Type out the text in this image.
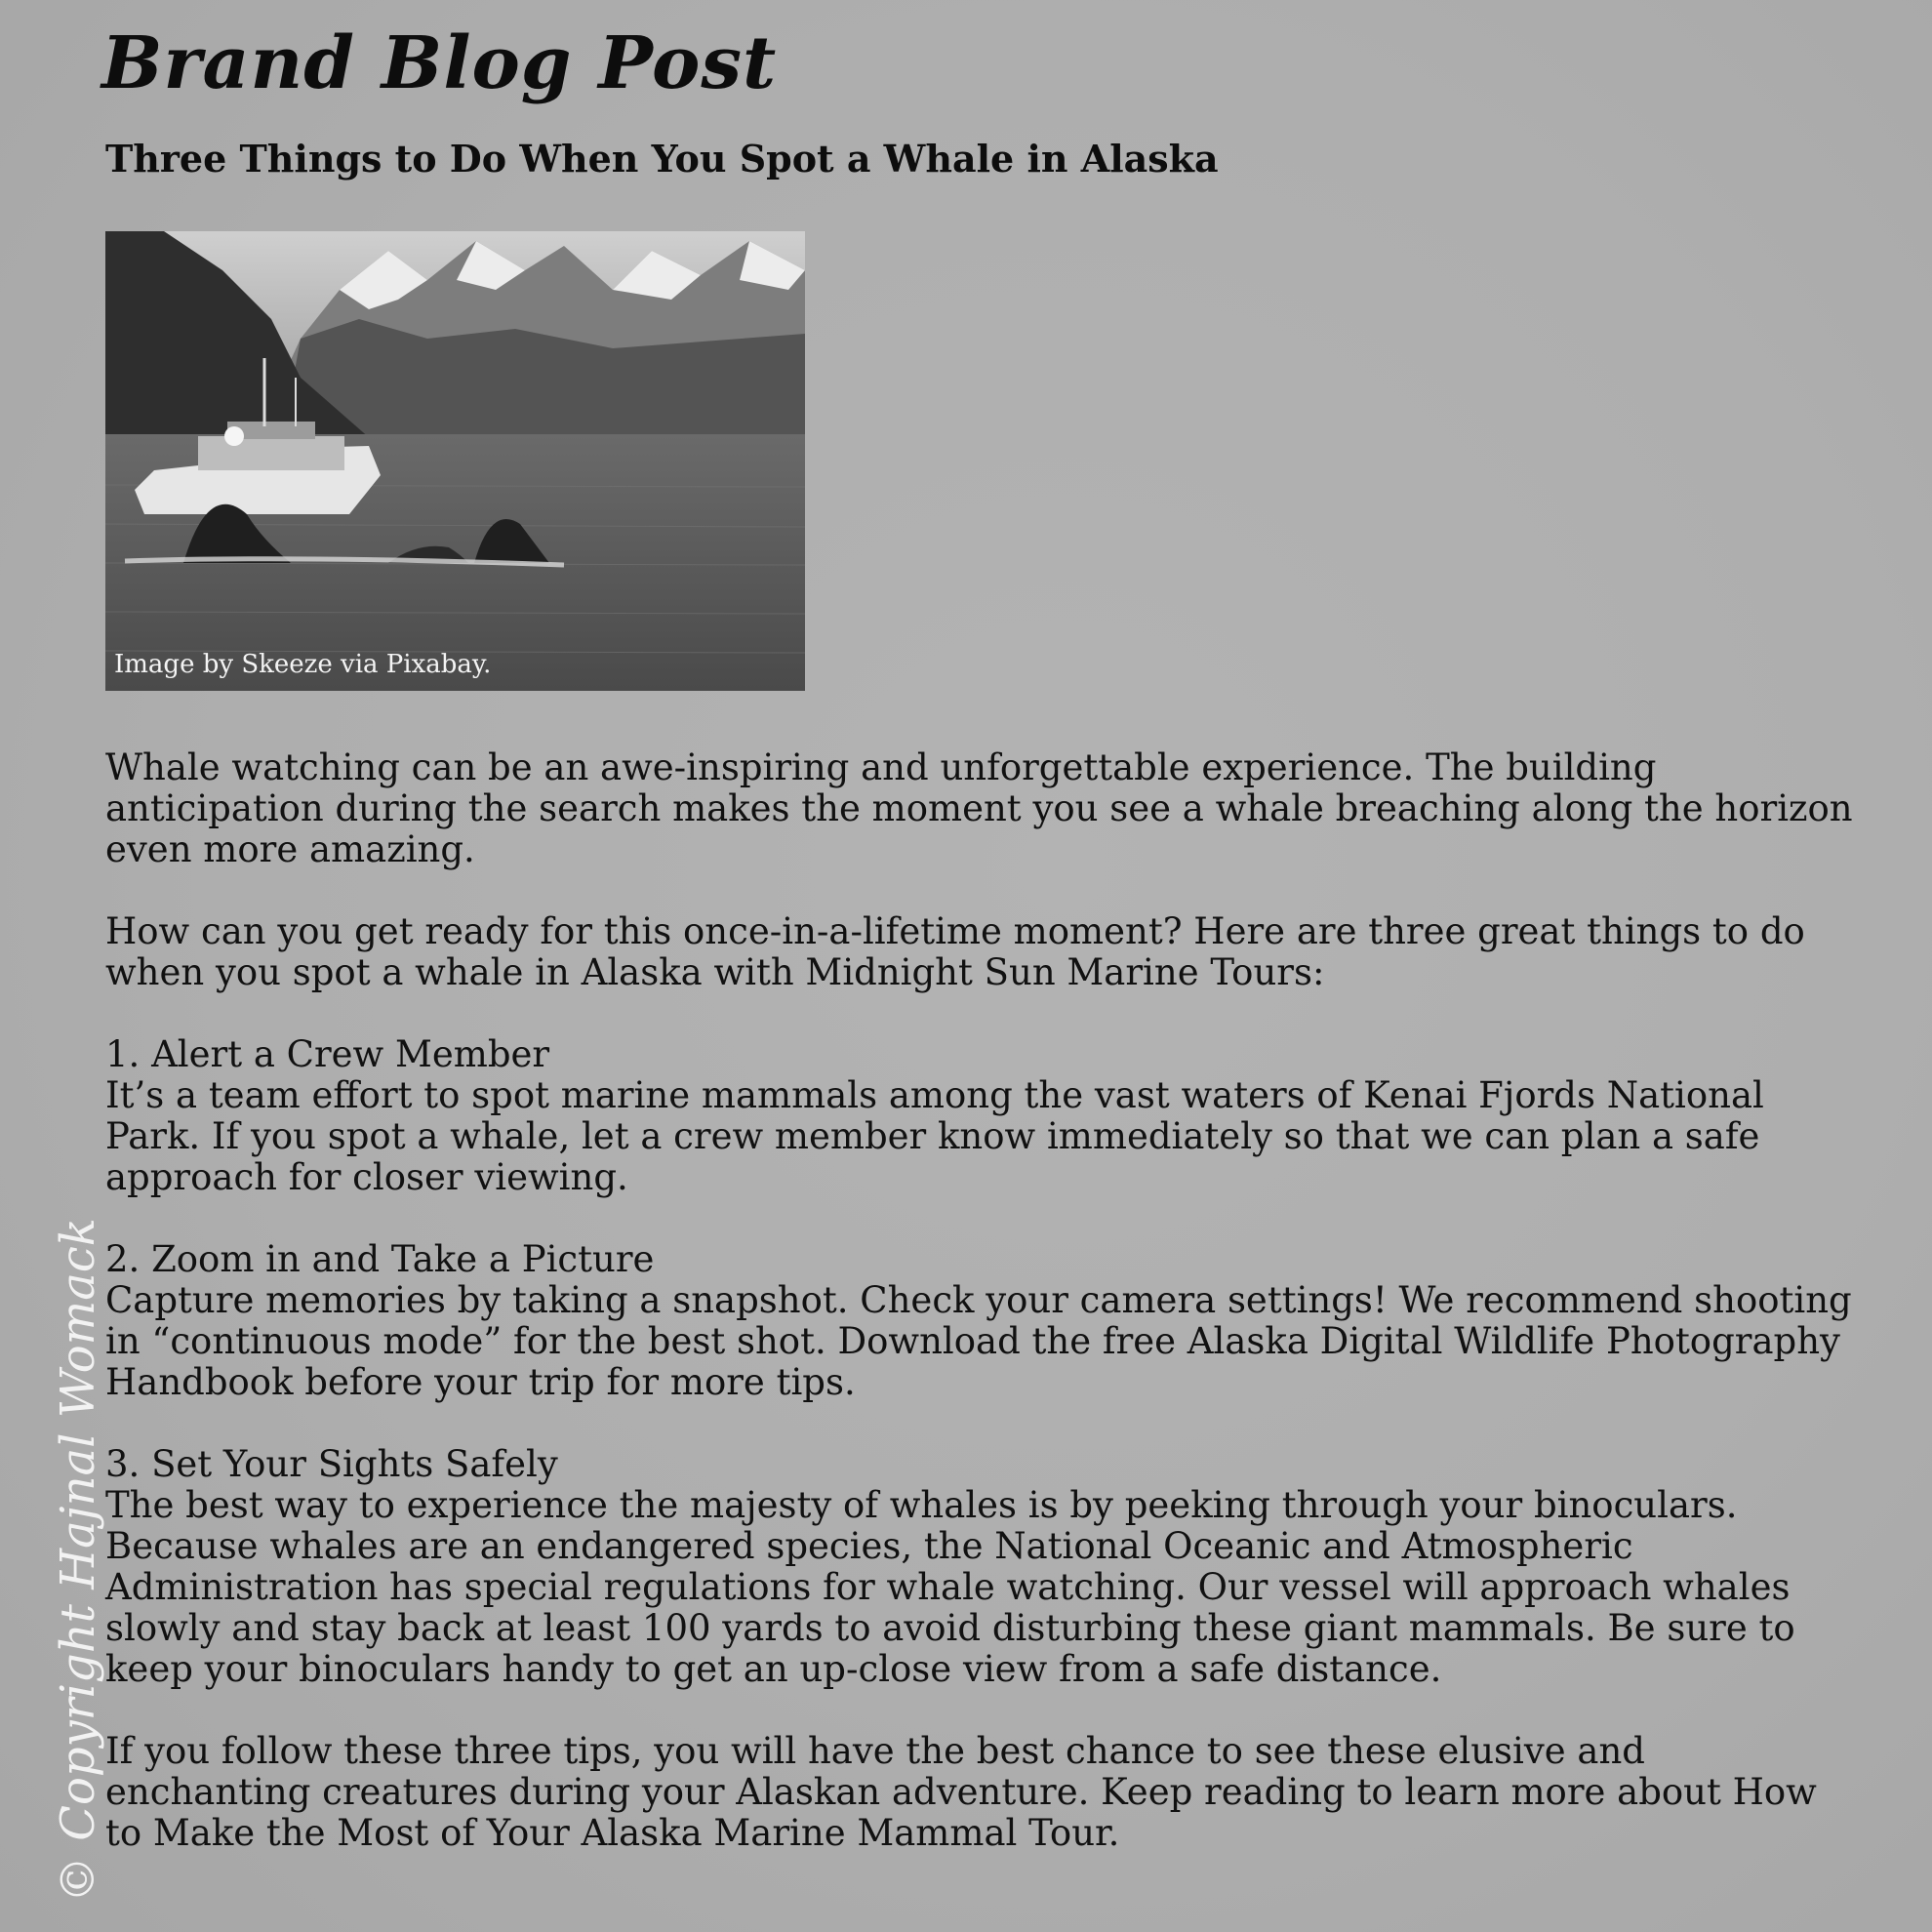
Brand Blog Post
Three Things to Do When You Spot a Whale in Alaska
Image by Skeeze via Pixabay.

Whale watching can be an awe-inspiring and unforgettable experience. The building anticipation during the search makes the moment you see a whale breaching along the horizon even more amazing.

How can you get ready for this once-in-a-lifetime moment? Here are three great things to do when you spot a whale in Alaska with Midnight Sun Marine Tours:

1. Alert a Crew Member
It’s a team effort to spot marine mammals among the vast waters of Kenai Fjords National Park. If you spot a whale, let a crew member know immediately so that we can plan a safe approach for closer viewing.

2. Zoom in and Take a Picture
Capture memories by taking a snapshot. Check your camera settings! We recommend shooting in “continuous mode” for the best shot. Download the free Alaska Digital Wildlife Photography Handbook before your trip for more tips.

3. Set Your Sights Safely
The best way to experience the majesty of whales is by peeking through your binoculars. Because whales are an endangered species, the National Oceanic and Atmospheric Administration has special regulations for whale watching. Our vessel will approach whales slowly and stay back at least 100 yards to avoid disturbing these giant mammals. Be sure to keep your binoculars handy to get an up-close view from a safe distance.

If you follow these three tips, you will have the best chance to see these elusive and enchanting creatures during your Alaskan adventure. Keep reading to learn more about How to Make the Most of Your Alaska Marine Mammal Tour.

© Copyright Hajnal Womack
